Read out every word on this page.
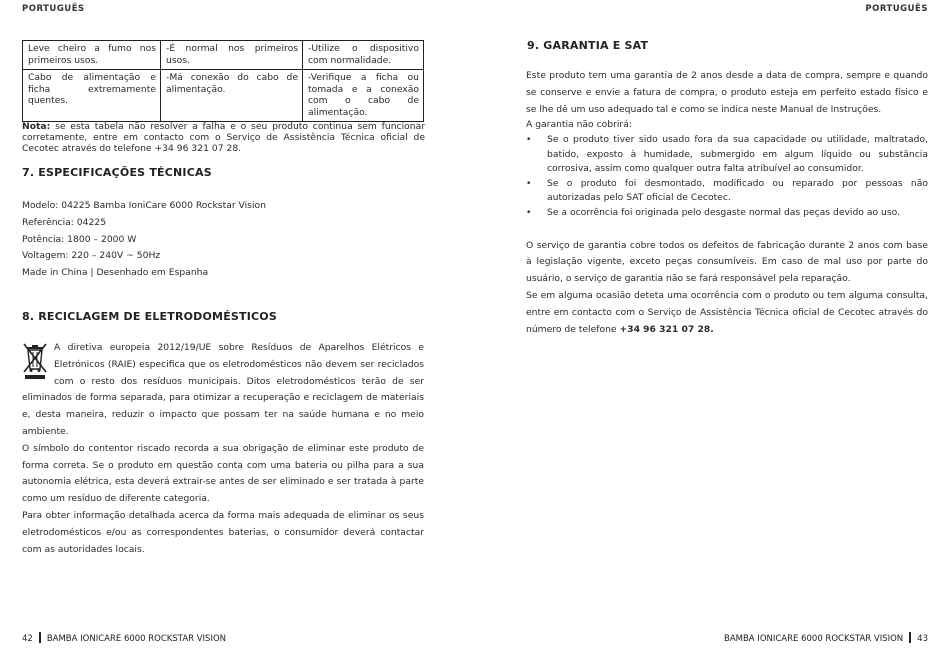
PORTUGUÊS
Leve cheiro a fumo nos primeiros usos.	-É normal nos primeiros usos.	-Utilize o dispositivo com normalidade.
Cabo de alimentação e ficha extremamente quentes.	-Má conexão do cabo de alimentação.	-Verifique a ficha ou tomada e a conexão com o cabo de alimentação.
Nota: se esta tabela não resolver a falha e o seu produto continua sem funcionar corretamente, entre em contacto com o Serviço de Assistência Técnica oficial de Cecotec através do telefone +34 96 321 07 28.
7. ESPECIFICAÇÕES TÉCNICAS
Modelo: 04225 Bamba IoniCare 6000 Rockstar Vision
Referência: 04225
Potência: 1800 – 2000 W
Voltagem: 220 – 240V ~ 50Hz
Made in China | Desenhado em Espanha
8. RECICLAGEM DE ELETRODOMÉSTICOS

A diretiva europeia 2012/19/UE sobre Resíduos de Aparelhos Elétricos e Eletrónicos (RAIE) especifica que os eletrodomésticos não devem ser reciclados com o resto dos resíduos municipais. Ditos eletrodomésticos terão de ser eliminados de forma separada, para otimizar a recuperação e reciclagem de materiais e, desta maneira, reduzir o impacto que possam ter na saúde humana e no meio ambiente.

O símbolo do contentor riscado recorda a sua obrigação de eliminar este produto de forma correta. Se o produto em questão conta com uma bateria ou pilha para a sua autonomia elétrica, esta deverá extrair-se antes de ser eliminado e ser tratada à parte como um resíduo de diferente categoria.

Para obter informação detalhada acerca da forma mais adequada de eliminar os seus eletrodomésticos e/ou as correspondentes baterias, o consumidor deverá contactar com as autoridades locais.

42 BAMBA IONICARE 6000 ROCKSTAR VISION
PORTUGUÊS
BAMBA IONICARE 6000 ROCKSTAR VISION 43
9. GARANTIA E SAT

Este produto tem uma garantia de 2 anos desde a data de compra, sempre e quando se conserve e envie a fatura de compra, o produto esteja em perfeito estado físico e se lhe dê um uso adequado tal e como se indica neste Manual de Instruções.

A garantia não cobrirá:

• Se o produto tiver sido usado fora da sua capacidade ou utilidade, maltratado, batido, exposto à humidade, submergido em algum líquido ou substância corrosiva, assim como qualquer outra falta atribuível ao consumidor.
• Se o produto foi desmontado, modificado ou reparado por pessoas não autorizadas pelo SAT oficial de Cecotec.
• Se a ocorrência foi originada pelo desgaste normal das peças devido ao uso.

O serviço de garantia cobre todos os defeitos de fabricação durante 2 anos com base à legislação vigente, exceto peças consumíveis. Em caso de mal uso por parte do usuário, o serviço de garantia não se fará responsável pela reparação.

Se em alguma ocasião deteta uma ocorrência com o produto ou tem alguma consulta, entre em contacto com o Serviço de Assistência Técnica oficial de Cecotec através do número de telefone +34 96 321 07 28.
